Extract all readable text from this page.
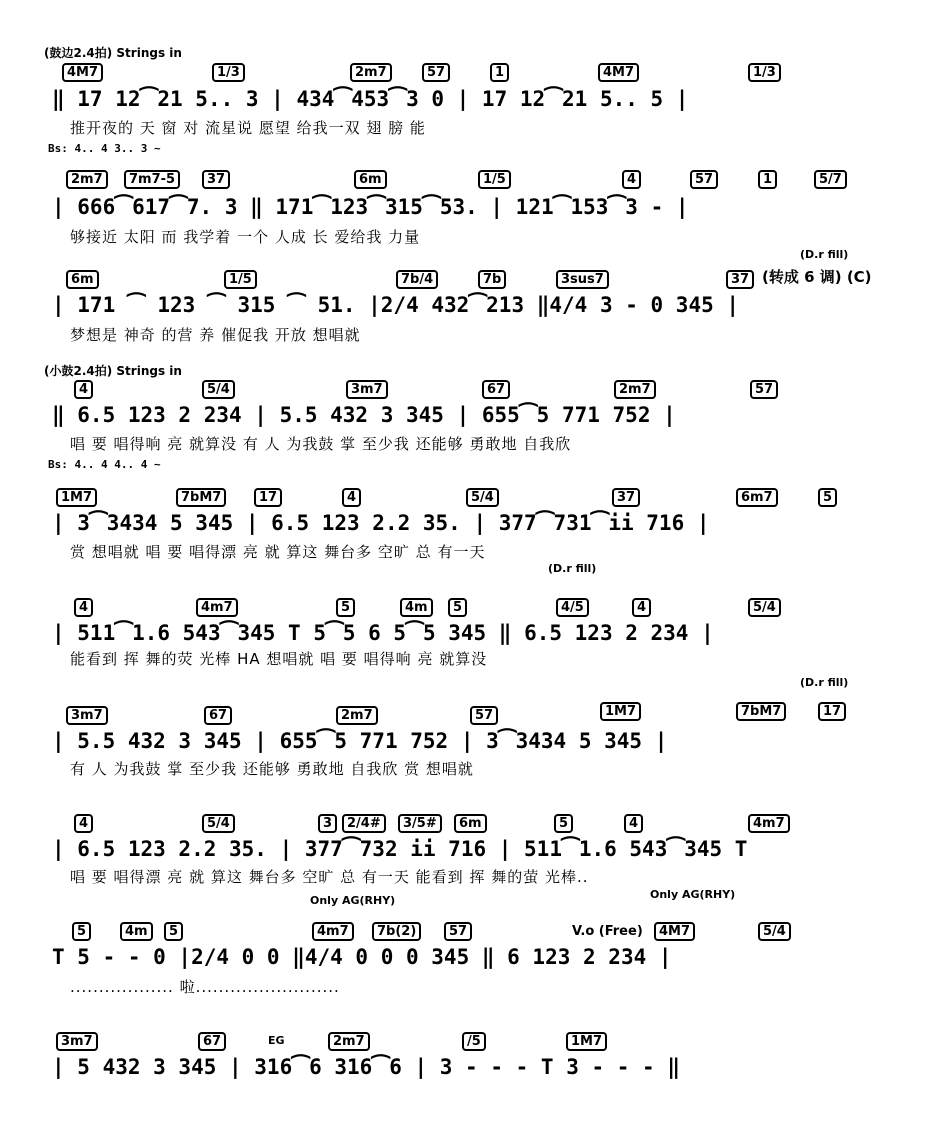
(鼓边2.4拍) Strings in
4M7	1/3	2m7	57	1	4M7	1/3
‖ 17 12⁀21 5.. 3 | 434⁀453⁀3 0 | 17 12⁀21 5.. 5 |
推开夜的 天 窗 对 流星说 愿望 给我一双 翅 膀 能
Bs: 4.. 4 3.. 3 ~
2m7	7m7-5	37	6m	1/5	4	57	1	5/7
| 666⁀617⁀7. 3 ‖ 171⁀123⁀315⁀53. | 121⁀153⁀3 - |
够接近 太阳 而 我学着 一个 人成 长 爱给我 力量
(D.r fill)
6m	1/5	7b/4	7b	3sus7	37 (转成 6 调) (C)
| 171 ⁀ 123 ⁀ 315 ⁀ 51. |2/4 432⁀213 ‖4/4 3 - 0 345 |
梦想是 神奇 的营 养 催促我 开放 想唱就
(小鼓2.4拍) Strings in
4	5/4	3m7	67	2m7	57
‖ 6.5 123 2 234 | 5.5 432 3 345 | 655⁀5 771 752 |
唱 要 唱得响 亮 就算没 有 人 为我鼓 掌 至少我 还能够 勇敢地 自我欣
Bs: 4.. 4 4.. 4 ~
1M7	7bM7	17	4	5/4	37	6m7	5
| 3⁀3434 5 345 | 6.5 123 2.2 35. | 377⁀731⁀ii 716 |
赏 想唱就 唱 要 唱得漂 亮 就 算这 舞台多 空旷 总 有一天
(D.r fill)
4	4m7	5	4m	5	4/5	4	5/4
| 511⁀1.6 543⁀345 T 5⁀5 6 5⁀5 345 ‖ 6.5 123 2 234 |
能看到 挥 舞的荧 光棒 HA 想唱就 唱 要 唱得响 亮 就算没
(D.r fill)
3m7	67	2m7	57	1M7	7bM7	17
| 5.5 432 3 345 | 655⁀5 771 752 | 3⁀3434 5 345 |
有 人 为我鼓 掌 至少我 还能够 勇敢地 自我欣 赏 想唱就
4	5/4	3	2/4#	3/5#	6m	5	4	4m7
| 6.5 123 2.2 35. | 377⁀732 ii 716 | 511⁀1.6 543⁀345 T
唱 要 唱得漂 亮 就 算这 舞台多 空旷 总 有一天 能看到 挥 舞的萤 光棒..
Only AG(RHY)	Only AG(RHY)
5	4m	5	4m7	7b(2)	57	V.o (Free)	4M7	5/4
T 5 - - 0 |2/4 0 0 ‖4/4 0 0 0 345 ‖ 6 123 2 234 |
.................. 啦.........................
3m7	67	EG	2m7	/5	1M7
| 5 432 3 345 | 316⁀6 316⁀6 | 3 - - - T 3 - - - ‖
